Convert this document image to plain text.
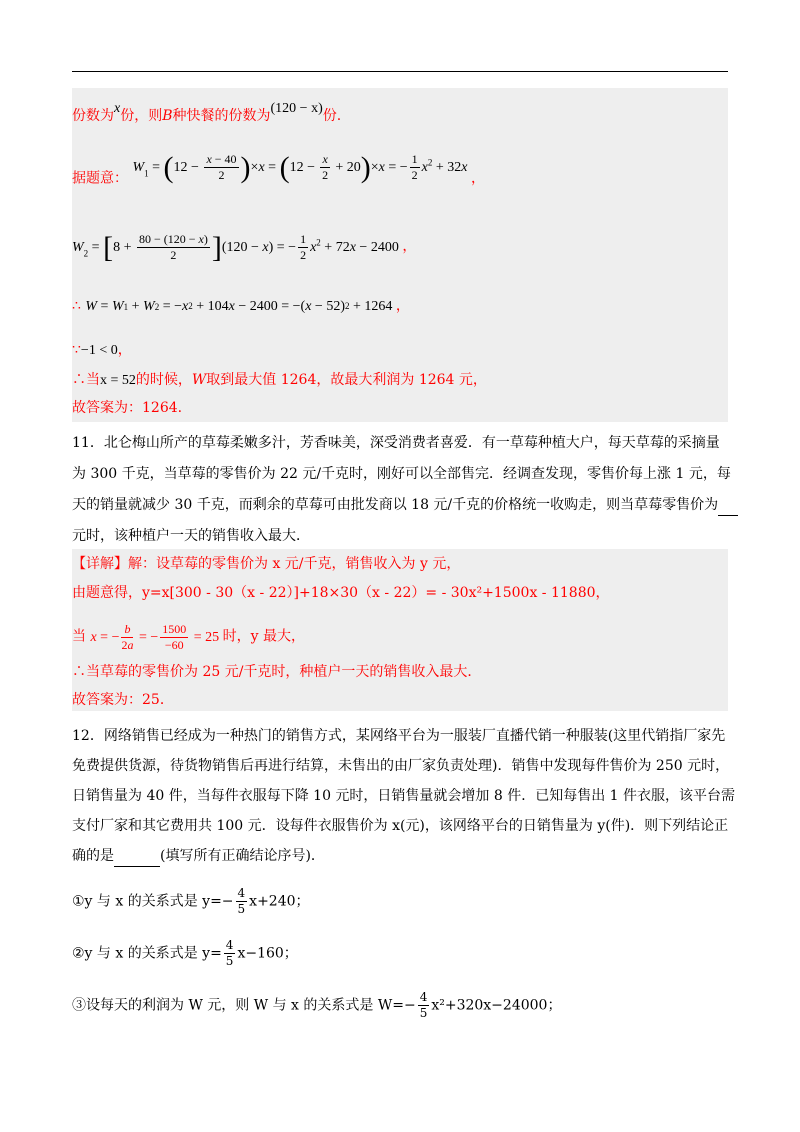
份数为x份，则B种快餐的份数为(120 − x)份.
据题意： $W1 = (12 - \frac{x - 40}{2} )\times x = (12 - \frac{x}{2} + 20)\times x$ = − $\frac{1}{2} x^2 + 32x$ ，
$W2 = [8 + \frac{80 - (120 - x)}{2} ](120 - x)$ = − $\frac{1}{2} x^2 + 72x - 2400$ ，
∴ $W = W1 + W2 = -x^2 + 104x - 2400 = -(x - 52)^2 + 1264$ ，
∵−1 < 0，
∴当x = 52的时候，W取到最大值 1264，故最大利润为 1264 元，
故答案为：1264.
11．北仑梅山所产的草莓柔嫩多汁，芳香味美，深受消费者喜爱．有一草莓种植大户，每天草莓的采摘量
为 300 千克，当草莓的零售价为 22 元/千克时，刚好可以全部售完．经调查发现，零售价每上涨 1 元，每
天的销量就减少 30 千克，而剩余的草莓可由批发商以 18 元/千克的价格统一收购走，则当草莓零售价为
元时，该种植户一天的销售收入最大．
【详解】解：设草莓的零售价为 x 元/千克，销售收入为 y 元，
由题意得，y=x[300 - 30（x - 22）]+18×30（x - 22）= - 30x²+1500x - 11880，
当 x = − $\frac{b}{2a}$ = − $\frac{1500}{-60} = 25$ 时，y 最大，
∴当草莓的零售价为 25 元/千克时，种植户一天的销售收入最大．
故答案为：25．
12．网络销售已经成为一种热门的销售方式，某网络平台为一服装厂直播代销一种服装(这里代销指厂家先
免费提供货源，待货物销售后再进行结算，未售出的由厂家负责处理)．销售中发现每件售价为 250 元时，
日销售量为 40 件，当每件衣服每下降 10 元时，日销售量就会增加 8 件．已知每售出 1 件衣服，该平台需
支付厂家和其它费用共 100 元．设每件衣服售价为 x(元)，该网络平台的日销售量为 y(件)．则下列结论正
确的是	(填写所有正确结论序号)．
①y 与 x 的关系式是 $y=- \frac{4}{5} x+240$；
②y 与 x 的关系式是 $y= \frac{4}{5} x-160$；
③设每天的利润为 W 元，则 W 与 x 的关系式是 $W=- \frac{4}{5} x^2+320x-24000$；
